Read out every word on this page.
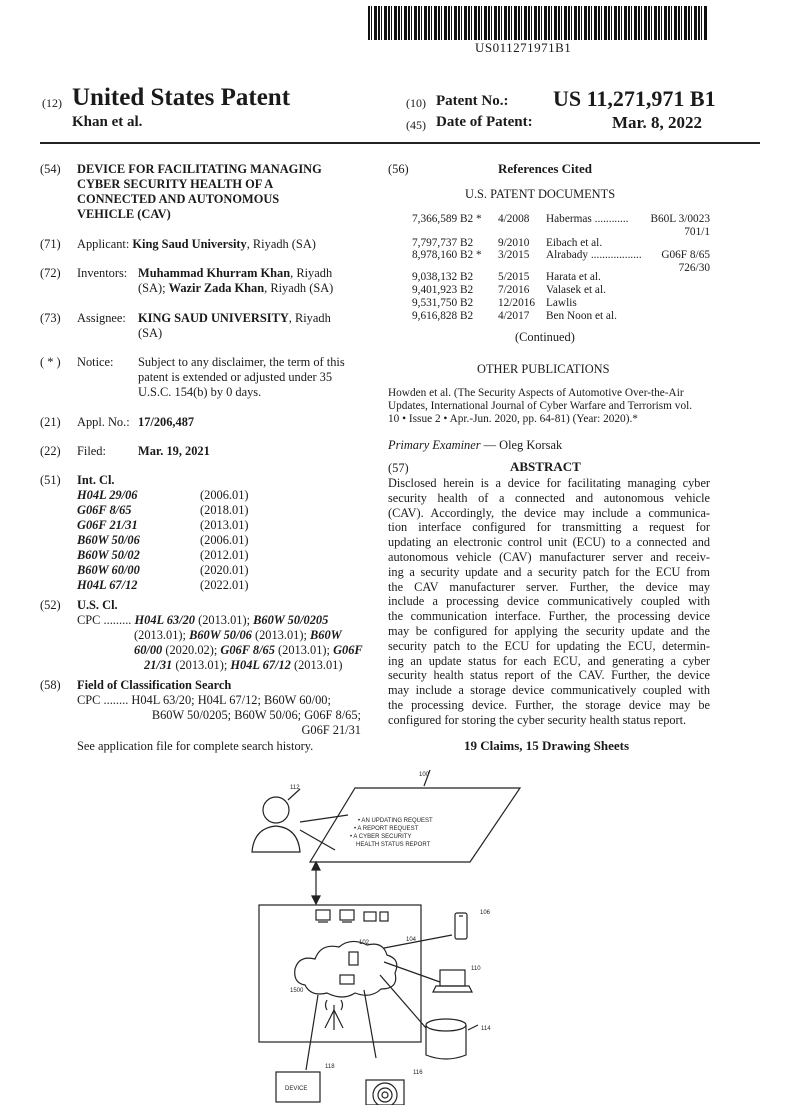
US011271971B1
(12) United States Patent
Khan et al.
(10) Patent No.: US 11,271,971 B1
(45) Date of Patent:	Mar. 8, 2022
(54) DEVICE FOR FACILITATING MANAGING
CYBER SECURITY HEALTH OF A
CONNECTED AND AUTONOMOUS
VEHICLE (CAV)
(71) Applicant: King Saud University, Riyadh (SA)
(72) Inventors: Muhammad Khurram Khan, Riyadh
(SA); Wazir Zada Khan, Riyadh (SA)
(73) Assignee: KING SAUD UNIVERSITY, Riyadh
(SA)
( * ) Notice: Subject to any disclaimer, the term of this
patent is extended or adjusted under 35
U.S.C. 154(b) by 0 days.
(21) Appl. No.: 17/206,487
(22) Filed:	Mar. 19, 2021
(51) Int. Cl.
H04L 29/06	(2006.01)
G06F 8/65	(2018.01)
G06F 21/31	(2013.01)
B60W 50/06	(2006.01)
B60W 50/02	(2012.01)
B60W 60/00	(2020.01)
H04L 67/12	(2022.01)
(52) U.S. Cl.
CPC ......... H04L 63/20 (2013.01); B60W 50/0205
(2013.01); B60W 50/06 (2013.01); B60W
60/00 (2020.02); G06F 8/65 (2013.01); G06F
21/31 (2013.01); H04L 67/12 (2013.01)
(58) Field of Classification Search
CPC ........ H04L 63/20; H04L 67/12; B60W 60/00;
B60W 50/0205; B60W 50/06; G06F 8/65;
G06F 21/31
See application file for complete search history.
(56)	References Cited
U.S. PATENT DOCUMENTS
7,366,589 B2 * 4/2008 Habermas ............ B60L 3/0023
701/1
7,797,737 B2 9/2010 Eibach et al.
8,978,160 B2 * 3/2015 Alrabady .................. G06F 8/65
726/30
9,038,132 B2 5/2015 Harata et al.
9,401,923 B2 7/2016 Valasek et al.
9,531,750 B2 12/2016 Lawlis
9,616,828 B2 4/2017 Ben Noon et al.
(Continued)
OTHER PUBLICATIONS
Howden et al. (The Security Aspects of Automotive Over-the-Air
Updates, International Journal of Cyber Warfare and Terrorism vol.
10 • Issue 2 • Apr.-Jun. 2020, pp. 64-81) (Year: 2020).*
Primary Examiner — Oleg Korsak
(57)	ABSTRACT
Disclosed herein is a device for facilitating managing cyber
security health of a connected and autonomous vehicle
(CAV). Accordingly, the device may include a communica-
tion interface configured for transmitting a request for
updating an electronic control unit (ECU) to a connected and
autonomous vehicle (CAV) manufacturer server and receiv-
ing a security update and a security patch for the ECU from
the CAV manufacturer server. Further, the device may
include a processing device communicatively coupled with
the communication interface. Further, the processing device
may be configured for applying the security update and the
security patch to the ECU for updating the ECU, determin-
ing an update status for each ECU, and generating a cyber
security health status report of the CAV. Further, the device
may include a storage device communicatively coupled with
the processing device. Further, the storage device may be
configured for storing the cyber security health status report.
19 Claims, 15 Drawing Sheets
100
112
• AN UPDATING REQUEST
• A REPORT REQUEST
• A CYBER SECURITY
HEALTH STATUS REPORT
102	104
106
110
114
116
118
1500
DEVICE
